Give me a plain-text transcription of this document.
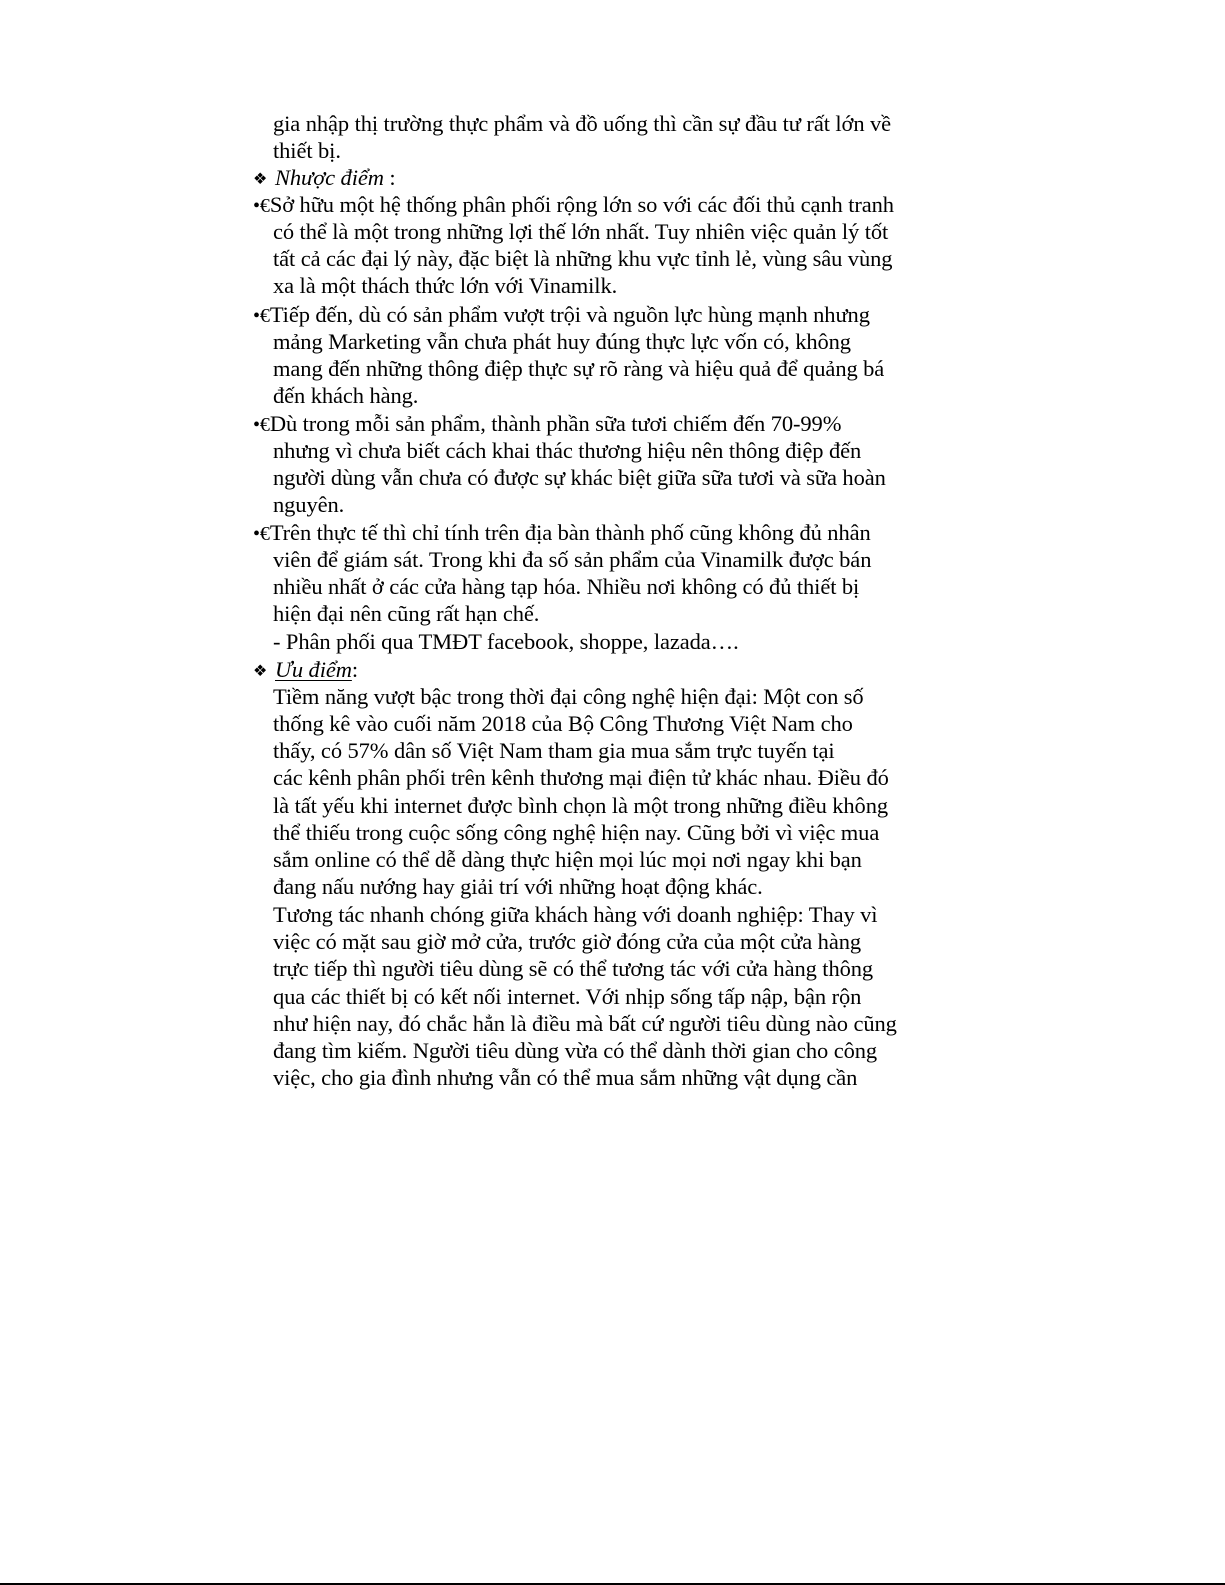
gia nhập thị trường thực phẩm và đồ uống thì cần sự đầu tư rất lớn về
thiết bị.
❖ Nhược điểm :
•€Sở hữu một hệ thống phân phối rộng lớn so với các đối thủ cạnh tranh
có thể là một trong những lợi thế lớn nhất. Tuy nhiên việc quản lý tốt
tất cả các đại lý này, đặc biệt là những khu vực tỉnh lẻ, vùng sâu vùng
xa là một thách thức lớn với Vinamilk.
•€Tiếp đến, dù có sản phẩm vượt trội và nguồn lực hùng mạnh nhưng
mảng Marketing vẫn chưa phát huy đúng thực lực vốn có, không
mang đến những thông điệp thực sự rõ ràng và hiệu quả để quảng bá
đến khách hàng.
•€Dù trong mỗi sản phẩm, thành phần sữa tươi chiếm đến 70-99%
nhưng vì chưa biết cách khai thác thương hiệu nên thông điệp đến
người dùng vẫn chưa có được sự khác biệt giữa sữa tươi và sữa hoàn
nguyên.
•€Trên thực tế thì chỉ tính trên địa bàn thành phố cũng không đủ nhân
viên để giám sát. Trong khi đa số sản phẩm của Vinamilk được bán
nhiều nhất ở các cửa hàng tạp hóa. Nhiều nơi không có đủ thiết bị
hiện đại nên cũng rất hạn chế.
- Phân phối qua TMĐT facebook, shoppe, lazada….
❖ Ưu điểm:
Tiềm năng vượt bậc trong thời đại công nghệ hiện đại: Một con số
thống kê vào cuối năm 2018 của Bộ Công Thương Việt Nam cho
thấy, có 57% dân số Việt Nam tham gia mua sắm trực tuyến tại
các kênh phân phối trên kênh thương mại điện tử khác nhau. Điều đó
là tất yếu khi internet được bình chọn là một trong những điều không
thể thiếu trong cuộc sống công nghệ hiện nay. Cũng bởi vì việc mua
sắm online có thể dễ dàng thực hiện mọi lúc mọi nơi ngay khi bạn
đang nấu nướng hay giải trí với những hoạt động khác.
Tương tác nhanh chóng giữa khách hàng với doanh nghiệp: Thay vì
việc có mặt sau giờ mở cửa, trước giờ đóng cửa của một cửa hàng
trực tiếp thì người tiêu dùng sẽ có thể tương tác với cửa hàng thông
qua các thiết bị có kết nối internet. Với nhịp sống tấp nập, bận rộn
như hiện nay, đó chắc hẳn là điều mà bất cứ người tiêu dùng nào cũng
đang tìm kiếm. Người tiêu dùng vừa có thể dành thời gian cho công
việc, cho gia đình nhưng vẫn có thể mua sắm những vật dụng cần
